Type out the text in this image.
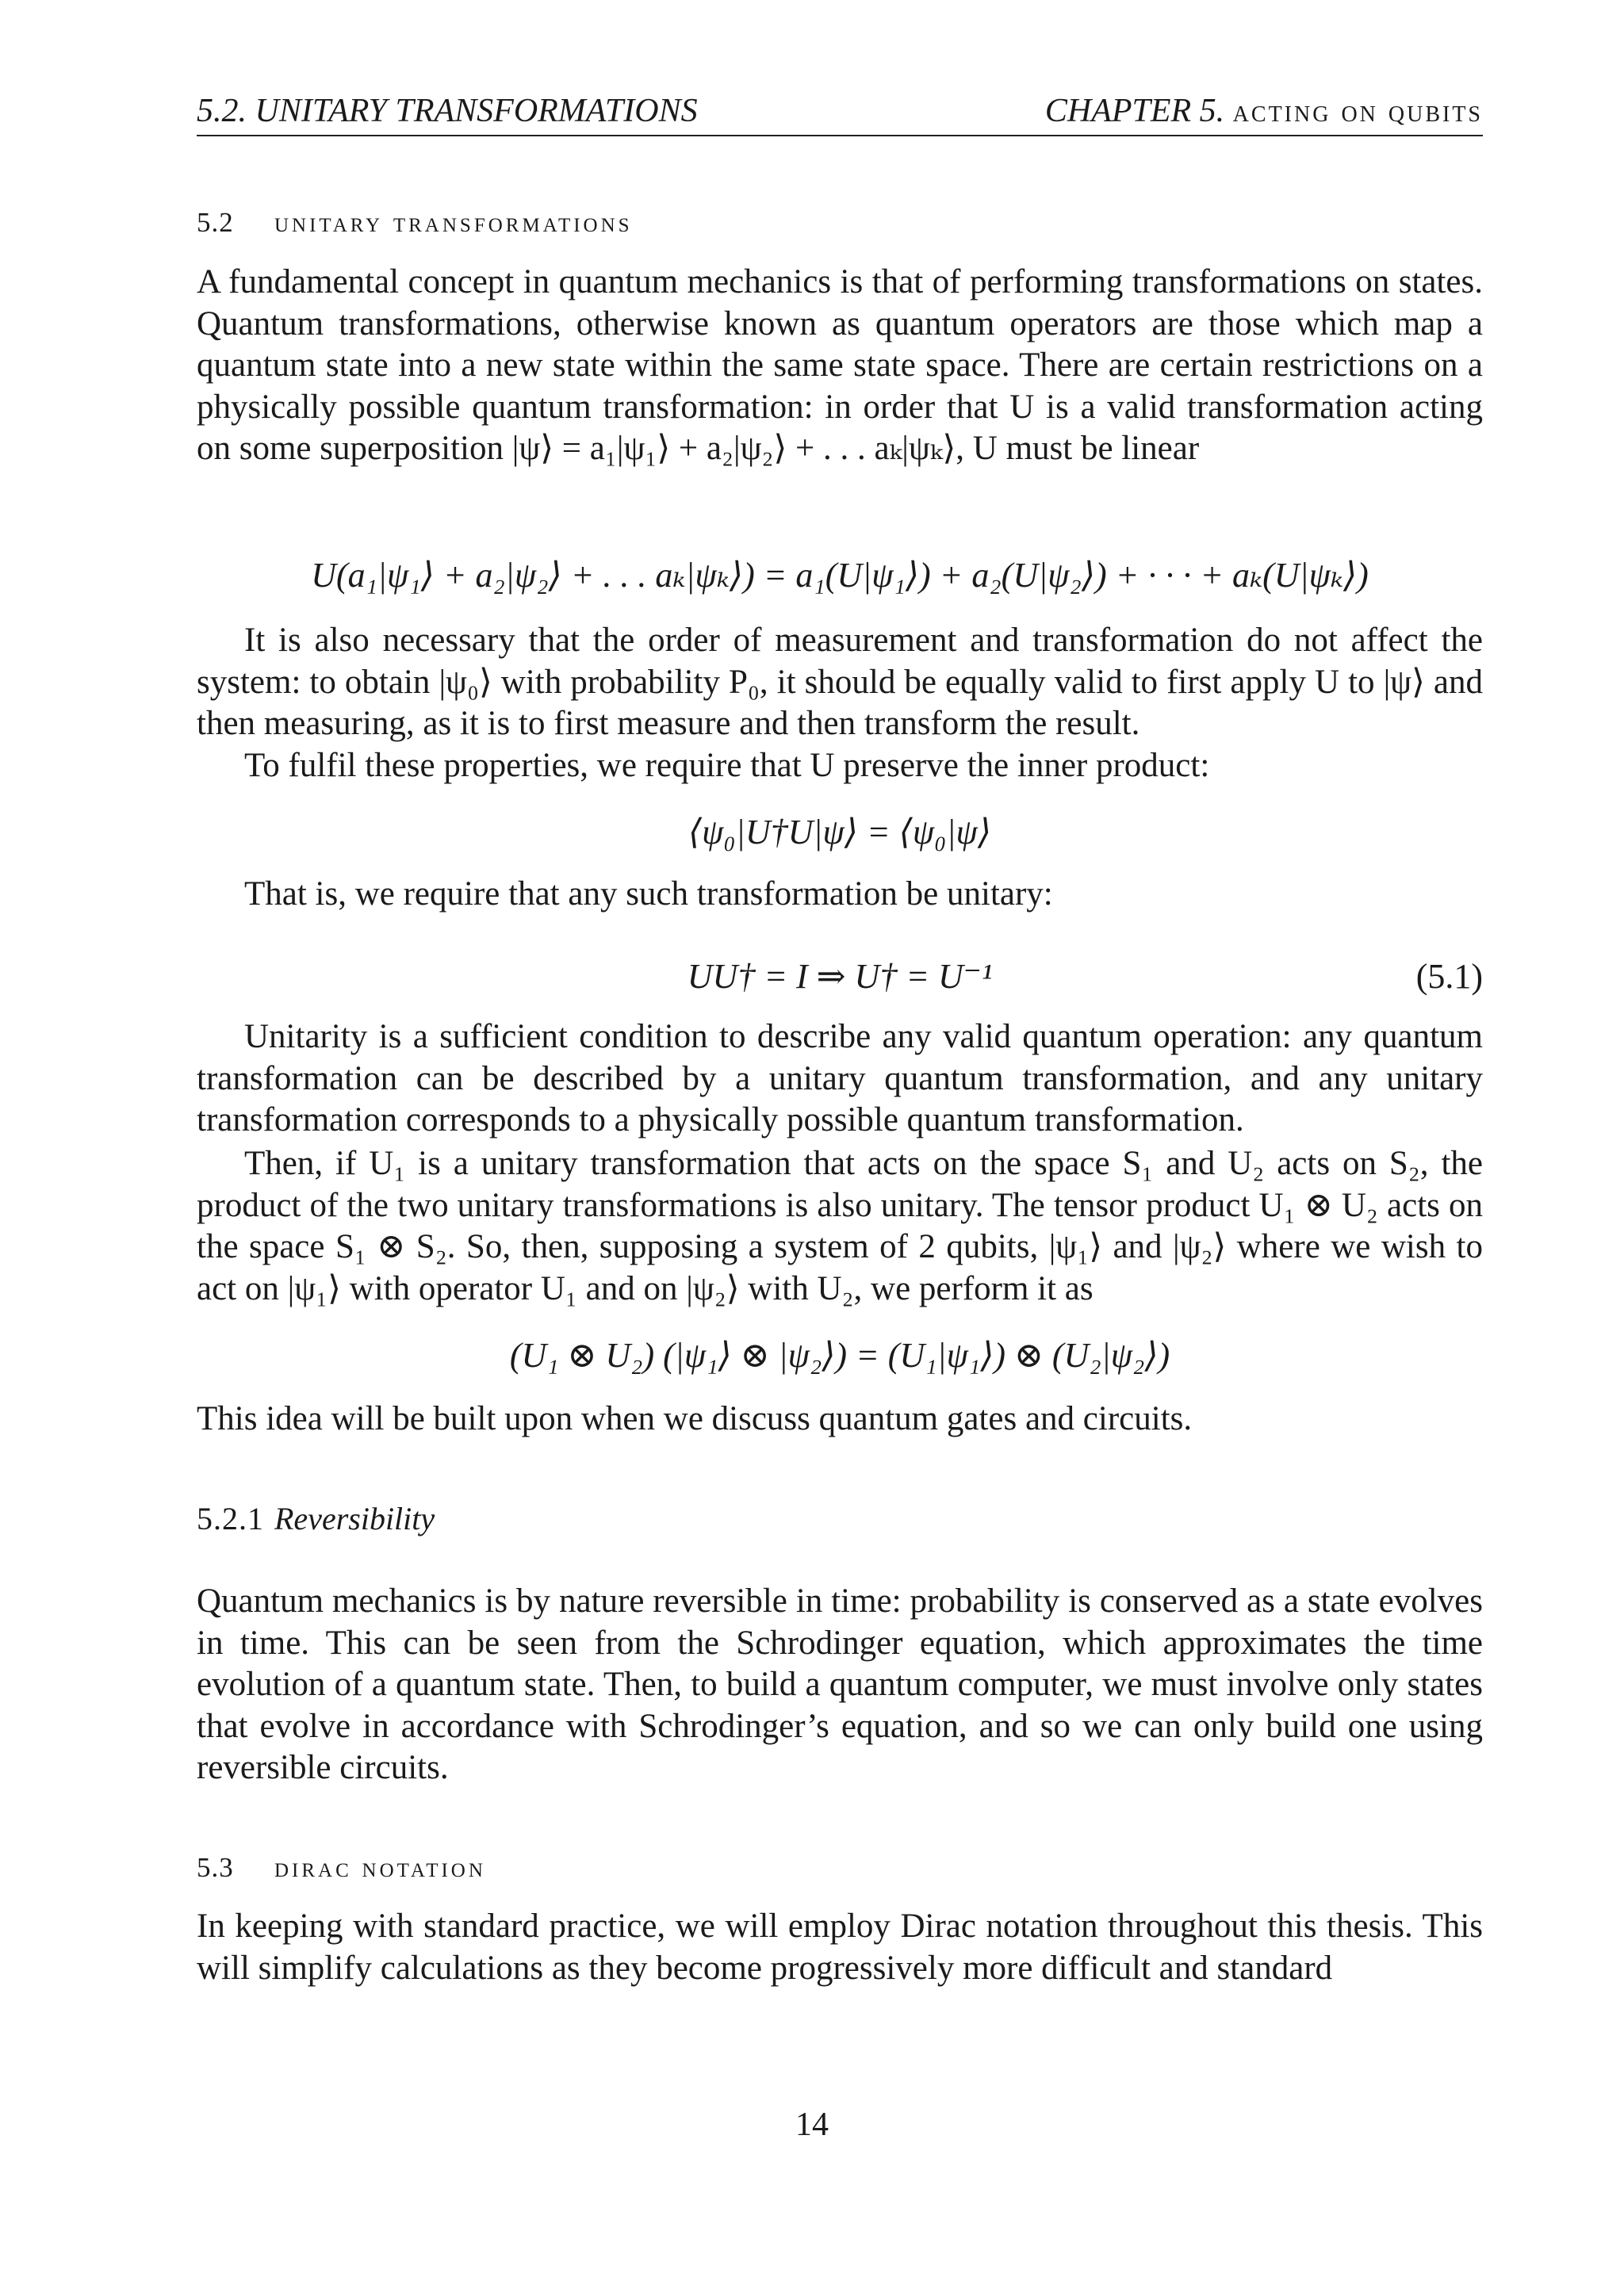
5.2. UNITARY TRANSFORMATIONS	CHAPTER 5. acting on qubits
5.2 unitary transformations

A fundamental concept in quantum mechanics is that of performing transformations on states. Quantum transformations, otherwise known as quantum operators are those which map a quantum state into a new state within the same state space. There are certain restrictions on a physically possible quantum transformation: in order that U is a valid transformation acting on some superposition |ψ⟩ = a₁|ψ₁⟩ + a₂|ψ₂⟩ + . . . aₖ|ψₖ⟩, U must be linear

U(a₁|ψ₁⟩ + a₂|ψ₂⟩ + . . . aₖ|ψₖ⟩) = a₁(U|ψ₁⟩) + a₂(U|ψ₂⟩) + · · · + aₖ(U|ψₖ⟩)

It is also necessary that the order of measurement and transformation do not affect the system: to obtain |ψ₀⟩ with probability P₀, it should be equally valid to first apply U to |ψ⟩ and then measuring, as it is to first measure and then transform the result.

To fulfil these properties, we require that U preserve the inner product:

⟨ψ₀|U†U|ψ⟩ = ⟨ψ₀|ψ⟩

That is, we require that any such transformation be unitary:

UU† = I ⇒ U† = U⁻¹	(5.1)

Unitarity is a sufficient condition to describe any valid quantum operation: any quantum transformation can be described by a unitary quantum transformation, and any unitary transformation corresponds to a physically possible quantum transformation.

Then, if U₁ is a unitary transformation that acts on the space S₁ and U₂ acts on S₂, the product of the two unitary transformations is also unitary. The tensor product U₁ ⊗ U₂ acts on the space S₁ ⊗ S₂. So, then, supposing a system of 2 qubits, |ψ₁⟩ and |ψ₂⟩ where we wish to act on |ψ₁⟩ with operator U₁ and on |ψ₂⟩ with U₂, we perform it as

(U₁ ⊗ U₂) (|ψ₁⟩ ⊗ |ψ₂⟩) = (U₁|ψ₁⟩) ⊗ (U₂|ψ₂⟩)

This idea will be built upon when we discuss quantum gates and circuits.

5.2.1 Reversibility

Quantum mechanics is by nature reversible in time: probability is conserved as a state evolves in time. This can be seen from the Schrodinger equation, which approximates the time evolution of a quantum state. Then, to build a quantum computer, we must involve only states that evolve in accordance with Schrodinger’s equation, and so we can only build one using reversible circuits.

5.3 dirac notation

In keeping with standard practice, we will employ Dirac notation throughout this thesis. This will simplify calculations as they become progressively more difficult and standard

14
